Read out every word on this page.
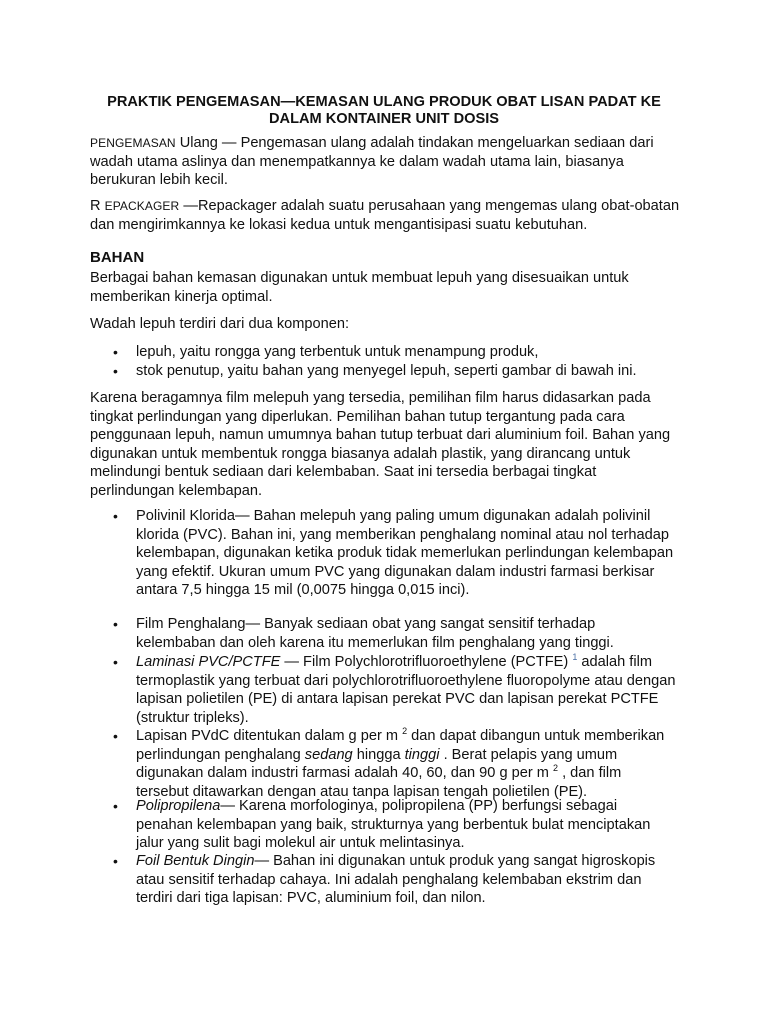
PRAKTIK PENGEMASAN—KEMASAN ULANG PRODUK OBAT LISAN PADAT KE
DALAM KONTAINER UNIT DOSIS

PENGEMASAN Ulang — Pengemasan ulang adalah tindakan mengeluarkan sediaan dari wadah utama aslinya dan menempatkannya ke dalam wadah utama lain, biasanya berukuran lebih kecil.

R EPACKAGER —Repackager adalah suatu perusahaan yang mengemas ulang obat-obatan dan mengirimkannya ke lokasi kedua untuk mengantisipasi suatu kebutuhan.

BAHAN

Berbagai bahan kemasan digunakan untuk membuat lepuh yang disesuaikan untuk memberikan kinerja optimal.

Wadah lepuh terdiri dari dua komponen:

• lepuh, yaitu rongga yang terbentuk untuk menampung produk,

• stok penutup, yaitu bahan yang menyegel lepuh, seperti gambar di bawah ini.

Karena beragamnya film melepuh yang tersedia, pemilihan film harus didasarkan pada tingkat perlindungan yang diperlukan. Pemilihan bahan tutup tergantung pada cara penggunaan lepuh, namun umumnya bahan tutup terbuat dari aluminium foil. Bahan yang digunakan untuk membentuk rongga biasanya adalah plastik, yang dirancang untuk melindungi bentuk sediaan dari kelembaban. Saat ini tersedia berbagai tingkat perlindungan kelembapan.

• Polivinil Klorida— Bahan melepuh yang paling umum digunakan adalah polivinil klorida (PVC). Bahan ini, yang memberikan penghalang nominal atau nol terhadap kelembapan, digunakan ketika produk tidak memerlukan perlindungan kelembapan yang efektif. Ukuran umum PVC yang digunakan dalam industri farmasi berkisar antara 7,5 hingga 15 mil (0,0075 hingga 0,015 inci).

• Film Penghalang— Banyak sediaan obat yang sangat sensitif terhadap kelembaban dan oleh karena itu memerlukan film penghalang yang tinggi.

• Laminasi PVC/PCTFE — Film Polychlorotrifluoroethylene (PCTFE) $^1$ adalah film termoplastik yang terbuat dari polychlorotrifluoroethylene fluoropolyme atau dengan lapisan polietilen (PE) di antara lapisan perekat PVC dan lapisan perekat PCTFE (struktur tripleks).

• Lapisan PVdC ditentukan dalam g per m $^2$ dan dapat dibangun untuk memberikan perlindungan penghalang sedang hingga tinggi . Berat pelapis yang umum digunakan dalam industri farmasi adalah 40, 60, dan 90 g per m $^2$ , dan film tersebut ditawarkan dengan atau tanpa lapisan tengah polietilen (PE).

• Polipropilena— Karena morfologinya, polipropilena (PP) berfungsi sebagai penahan kelembapan yang baik, strukturnya yang berbentuk bulat menciptakan jalur yang sulit bagi molekul air untuk melintasinya.

• Foil Bentuk Dingin— Bahan ini digunakan untuk produk yang sangat higroskopis atau sensitif terhadap cahaya. Ini adalah penghalang kelembaban ekstrim dan terdiri dari tiga lapisan: PVC, aluminium foil, dan nilon.
